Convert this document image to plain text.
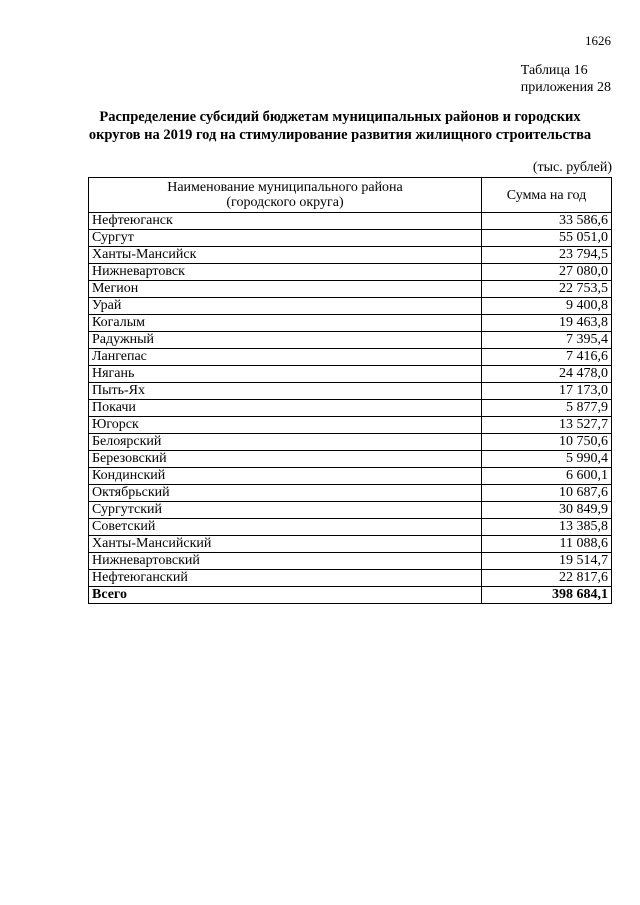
1626
Таблица 16
приложения 28
Распределение субсидий бюджетам муниципальных районов и городских
округов на 2019 год на стимулирование развития жилищного строительства
(тыс. рублей)
Наименование муниципального района
(городского округа)	Сумма на год
Нефтеюганск	33 586,6
Сургут	55 051,0
Ханты-Мансийск	23 794,5
Нижневартовск	27 080,0
Мегион	22 753,5
Урай	9 400,8
Когалым	19 463,8
Радужный	7 395,4
Лангепас	7 416,6
Нягань	24 478,0
Пыть-Ях	17 173,0
Покачи	5 877,9
Югорск	13 527,7
Белоярский	10 750,6
Березовский	5 990,4
Кондинский	6 600,1
Октябрьский	10 687,6
Сургутский	30 849,9
Советский	13 385,8
Ханты-Мансийский	11 088,6
Нижневартовский	19 514,7
Нефтеюганский	22 817,6
Всего	398 684,1
